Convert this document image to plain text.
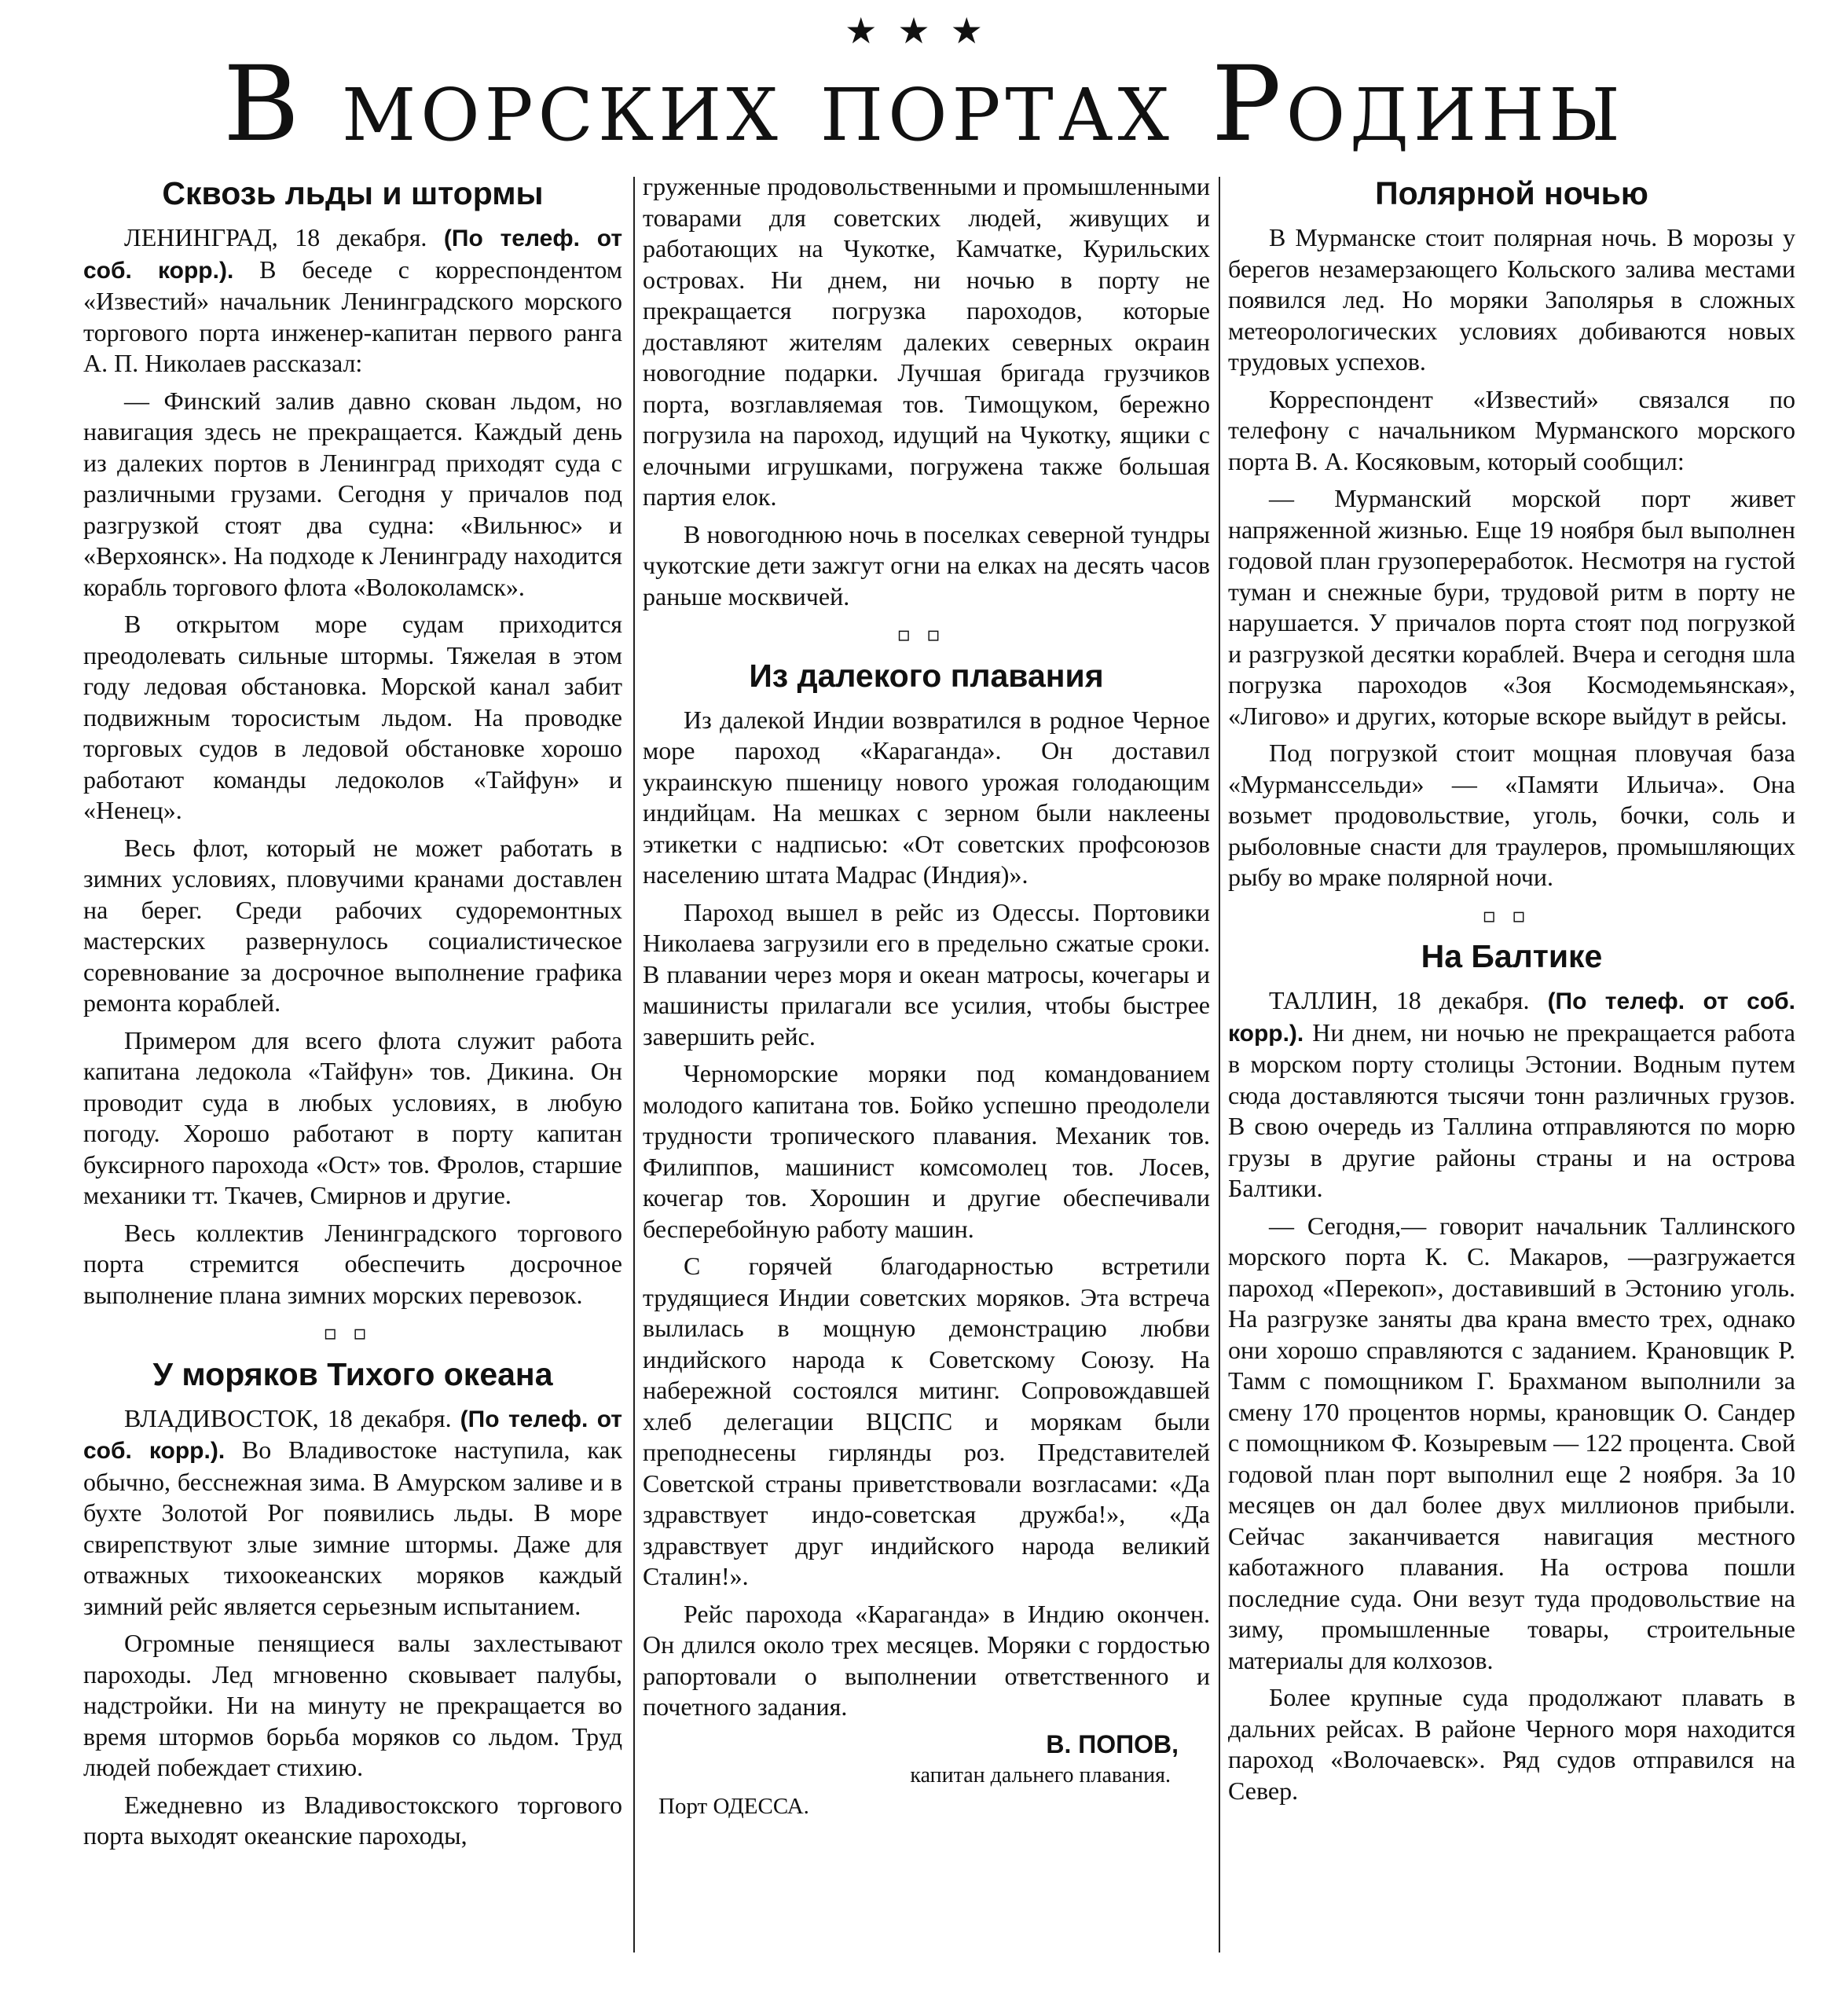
★★★
В морских портах Родины
Сквозь льды и штормы

ЛЕНИНГРАД, 18 декабря. (По телеф. от соб. корр.). В беседе с корреспондентом «Известий» начальник Ленинградского морского торгового порта инженер-капитан первого ранга А. П. Николаев рассказал:

— Финский залив давно скован льдом, но навигация здесь не прекращается. Каждый день из далеких портов в Ленинград приходят суда с различными грузами. Сегодня у причалов под разгрузкой стоят два судна: «Вильнюс» и «Верхоянск». На подходе к Ленинграду находится корабль торгового флота «Волоколамск».

В открытом море судам приходится преодолевать сильные штормы. Тяжелая в этом году ледовая обстановка. Морской канал забит подвижным торосистым льдом. На проводке торговых судов в ледовой обстановке хорошо работают команды ледоколов «Тайфун» и «Ненец».

Весь флот, который не может работать в зимних условиях, пловучими кранами доставлен на берег. Среди рабочих судоремонтных мастерских развернулось социалистическое соревнование за досрочное выполнение графика ремонта кораблей.

Примером для всего флота служит работа капитана ледокола «Тайфун» тов. Дикина. Он проводит суда в любых условиях, в любую погоду. Хорошо работают в порту капитан буксирного парохода «Ост» тов. Фролов, старшие механики тт. Ткачев, Смирнов и другие.

Весь коллектив Ленинградского торгового порта стремится обеспечить досрочное выполнение плана зимних морских перевозок.

▫▫
У моряков Тихого океана

ВЛАДИВОСТОК, 18 декабря. (По телеф. от соб. корр.). Во Владивостоке наступила, как обычно, бесснежная зима. В Амурском заливе и в бухте Золотой Рог появились льды. В море свирепствуют злые зимние штормы. Даже для отважных тихоокеанских моряков каждый зимний рейс является серьезным испытанием.

Огромные пенящиеся валы захлестывают пароходы. Лед мгновенно сковывает палубы, надстройки. Ни на минуту не прекращается во время штормов борьба моряков со льдом. Труд людей побеждает стихию.

Ежедневно из Владивостокского торгового порта выходят океанские пароходы,

груженные продовольственными и промышленными товарами для советских людей, живущих и работающих на Чукотке, Камчатке, Курильских островах. Ни днем, ни ночью в порту не прекращается погрузка пароходов, которые доставляют жителям далеких северных окраин новогодние подарки. Лучшая бригада грузчиков порта, возглавляемая тов. Тимощуком, бережно погрузила на пароход, идущий на Чукотку, ящики с елочными игрушками, погружена также большая партия елок.

В новогоднюю ночь в поселках северной тундры чукотские дети зажгут огни на елках на десять часов раньше москвичей.

▫▫
Из далекого плавания

Из далекой Индии возвратился в родное Черное море пароход «Караганда». Он доставил украинскую пшеницу нового урожая голодающим индийцам. На мешках с зерном были наклеены этикетки с надписью: «От советских профсоюзов населению штата Мадрас (Индия)».

Пароход вышел в рейс из Одессы. Портовики Николаева загрузили его в предельно сжатые сроки. В плавании через моря и океан матросы, кочегары и машинисты прилагали все усилия, чтобы быстрее завершить рейс.

Черноморские моряки под командованием молодого капитана тов. Бойко успешно преодолели трудности тропического плавания. Механик тов. Филиппов, машинист комсомолец тов. Лосев, кочегар тов. Хорошин и другие обеспечивали бесперебойную работу машин.

С горячей благодарностью встретили трудящиеся Индии советских моряков. Эта встреча вылилась в мощную демонстрацию любви индийского народа к Советскому Союзу. На набережной состоялся митинг. Сопровождавшей хлеб делегации ВЦСПС и морякам были преподнесены гирлянды роз. Представителей Советской страны приветствовали возгласами: «Да здравствует индо-советская дружба!», «Да здравствует друг индийского народа великий Сталин!».

Рейс парохода «Караганда» в Индию окончен. Он длился около трех месяцев. Моряки с гордостью рапортовали о выполнении ответственного и почетного задания.

В. ПОПОВ,
капитан дальнего плавания.
Порт ОДЕССА.
Полярной ночью

В Мурманске стоит полярная ночь. В морозы у берегов незамерзающего Кольского залива местами появился лед. Но моряки Заполярья в сложных метеорологических условиях добиваются новых трудовых успехов.

Корреспондент «Известий» связался по телефону с начальником Мурманского морского порта В. А. Косяковым, который сообщил:

— Мурманский морской порт живет напряженной жизнью. Еще 19 ноября был выполнен годовой план грузопереработок. Несмотря на густой туман и снежные бури, трудовой ритм в порту не нарушается. У причалов порта стоят под погрузкой и разгрузкой десятки кораблей. Вчера и сегодня шла погрузка пароходов «Зоя Космодемьянская», «Лигово» и других, которые вскоре выйдут в рейсы.

Под погрузкой стоит мощная пловучая база «Мурманссельди» — «Памяти Ильича». Она возьмет продовольствие, уголь, бочки, соль и рыболовные снасти для траулеров, промышляющих рыбу во мраке полярной ночи.

▫▫
На Балтике

ТАЛЛИН, 18 декабря. (По телеф. от соб. корр.). Ни днем, ни ночью не прекращается работа в морском порту столицы Эстонии. Водным путем сюда доставляются тысячи тонн различных грузов. В свою очередь из Таллина отправляются по морю грузы в другие районы страны и на острова Балтики.

— Сегодня,— говорит начальник Таллинского морского порта К. С. Макаров, —разгружается пароход «Перекоп», доставивший в Эстонию уголь. На разгрузке заняты два крана вместо трех, однако они хорошо справляются с заданием. Крановщик Р. Тамм с помощником Г. Брахманом выполнили за смену 170 процентов нормы, крановщик О. Сандер с помощником Ф. Козыревым — 122 процента. Свой годовой план порт выполнил еще 2 ноября. За 10 месяцев он дал более двух миллионов прибыли. Сейчас заканчивается навигация местного каботажного плавания. На острова пошли последние суда. Они везут туда продовольствие на зиму, промышленные товары, строительные материалы для колхозов.

Более крупные суда продолжают плавать в дальних рейсах. В районе Черного моря находится пароход «Волочаевск». Ряд судов отправился на Север.
